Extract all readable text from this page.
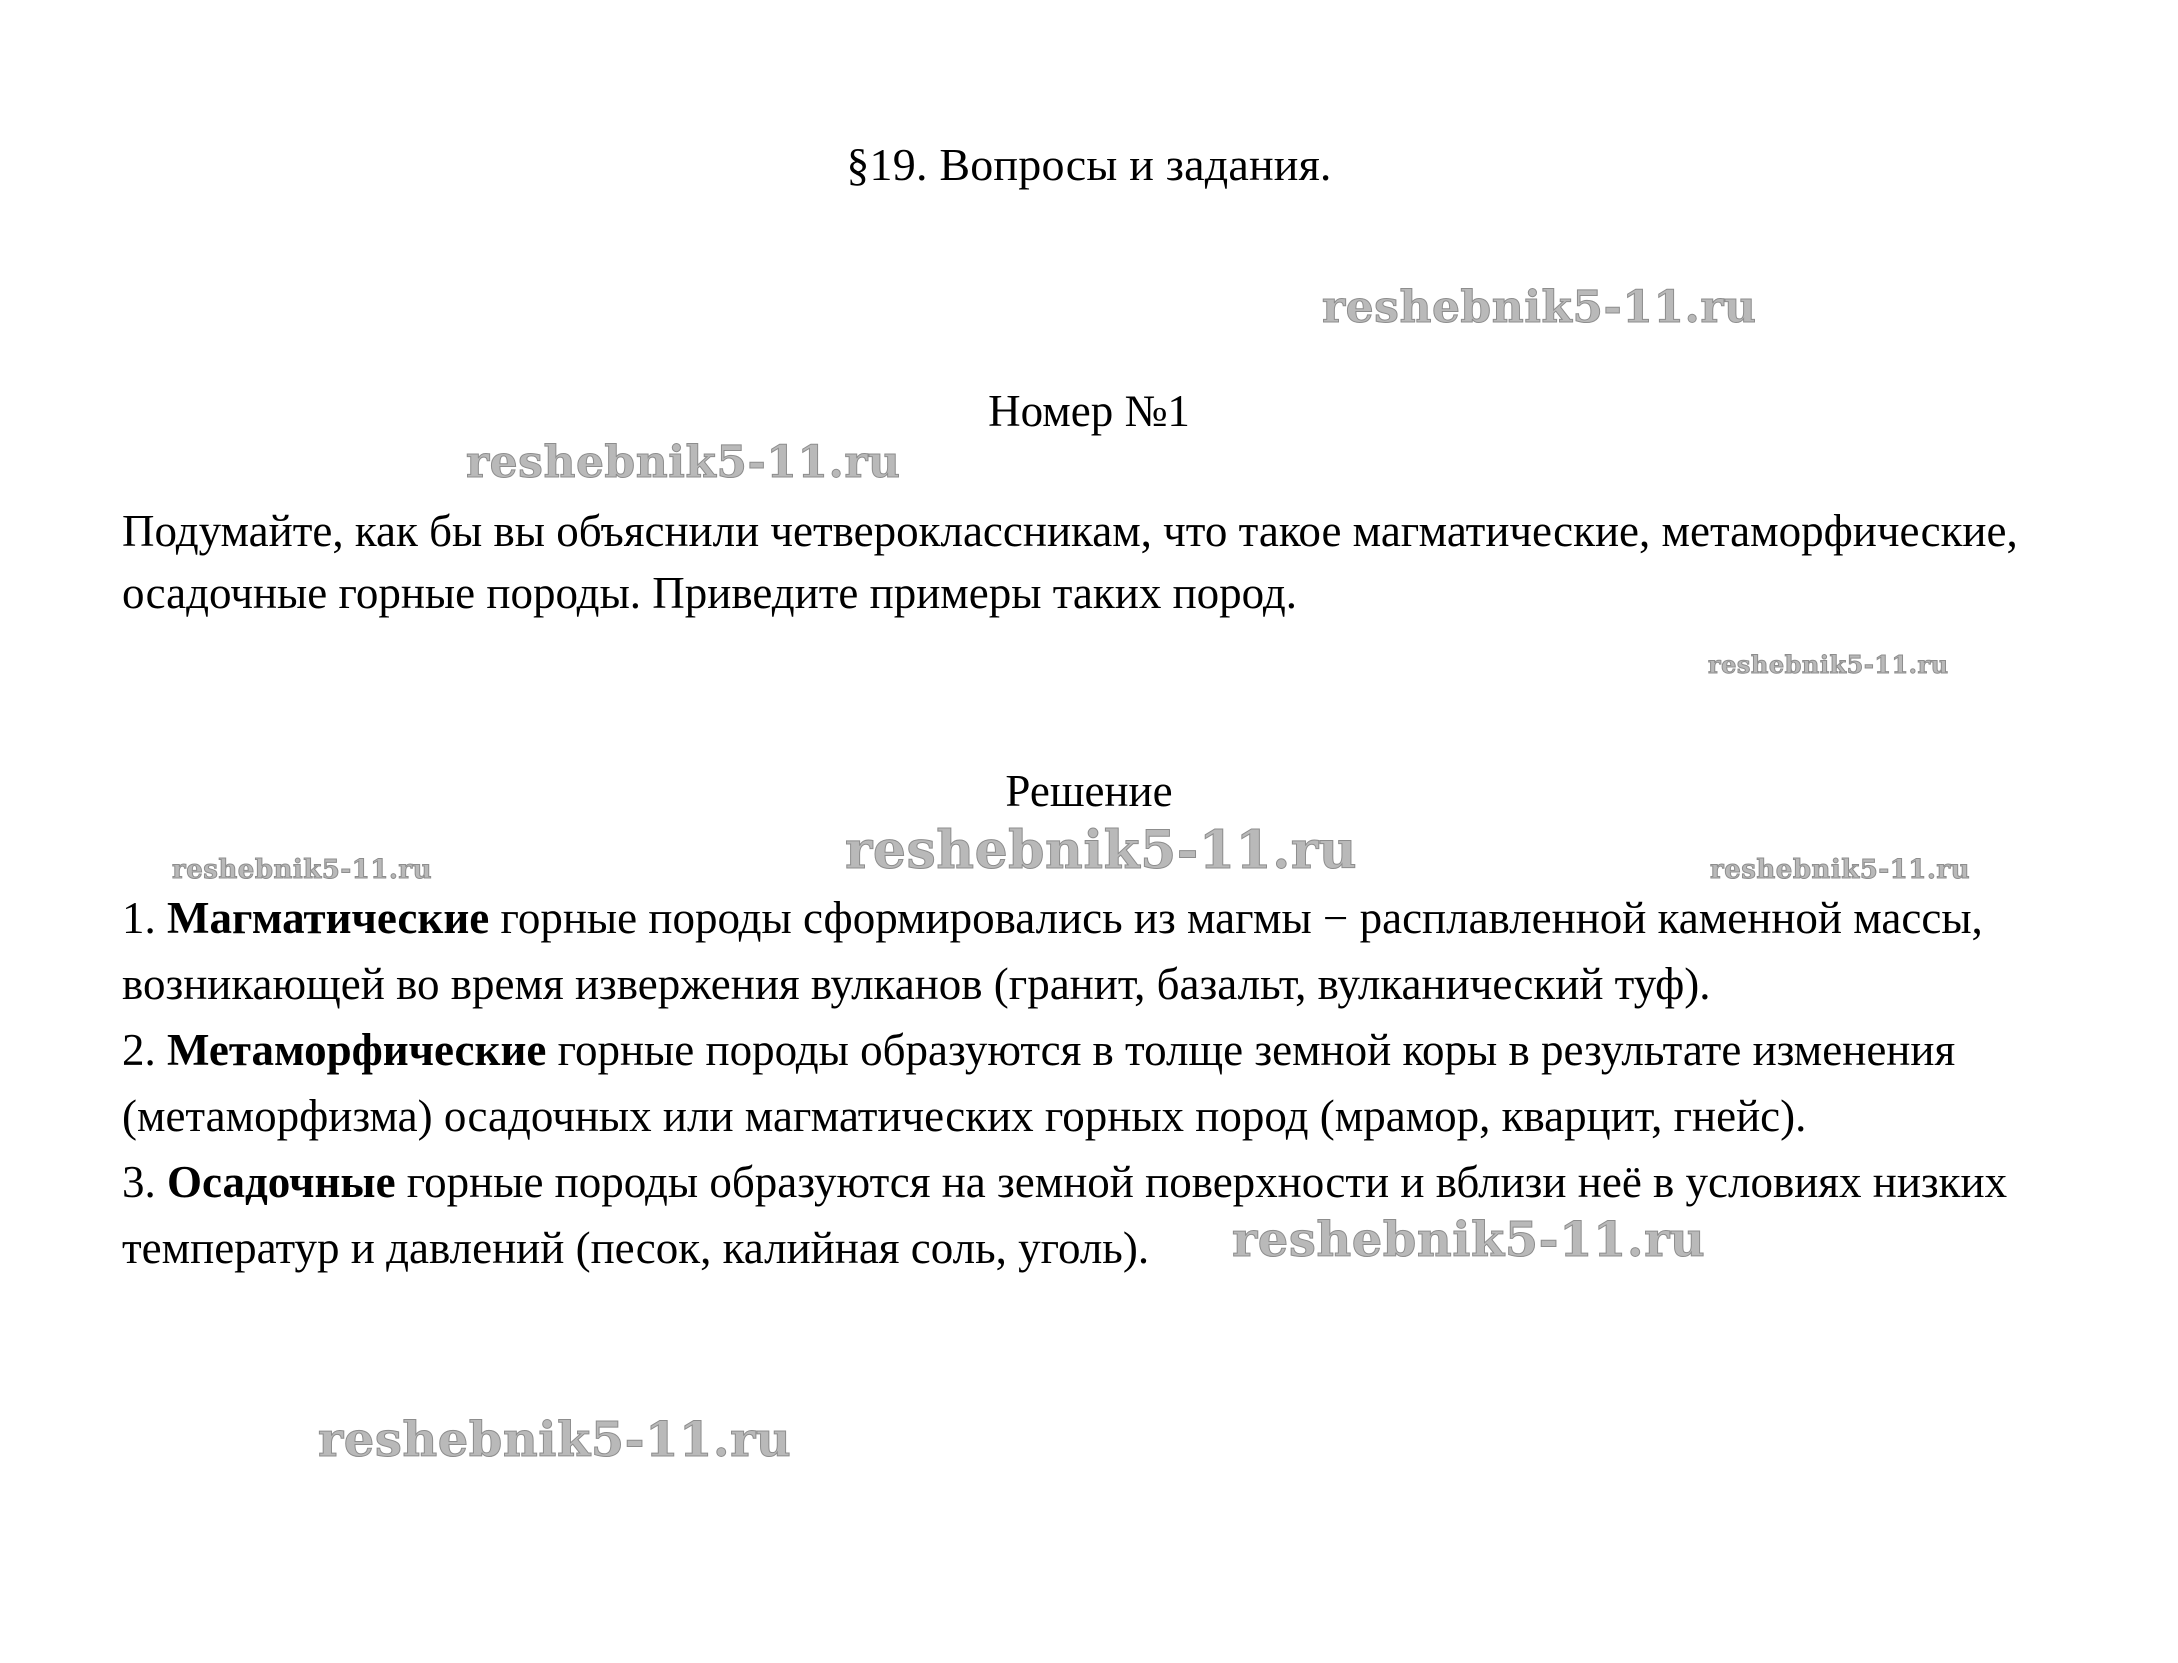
§19. Вопросы и задания.
reshebnik5-11.ru
Номер №1
reshebnik5-11.ru
Подумайте, как бы вы объяснили четвероклассникам, что такое магматические, метаморфические, осадочные горные породы. Приведите примеры таких пород.
reshebnik5-11.ru
Решение
reshebnik5-11.ru
reshebnik5-11.ru	reshebnik5-11.ru

1. Магматические горные породы сформировались из магмы − расплавленной каменной массы, возникающей во время извержения вулканов (гранит, базальт, вулканический туф).

2. Метаморфические горные породы образуются в толще земной коры в результате изменения (метаморфизма) осадочных или магматических горных пород (мрамор, кварцит, гнейс).

3. Осадочные горные породы образуются на земной поверхности и вблизи неё в условиях низких температур и давлений (песок, калийная соль, уголь).	reshebnik5-11.ru
reshebnik5-11.ru
